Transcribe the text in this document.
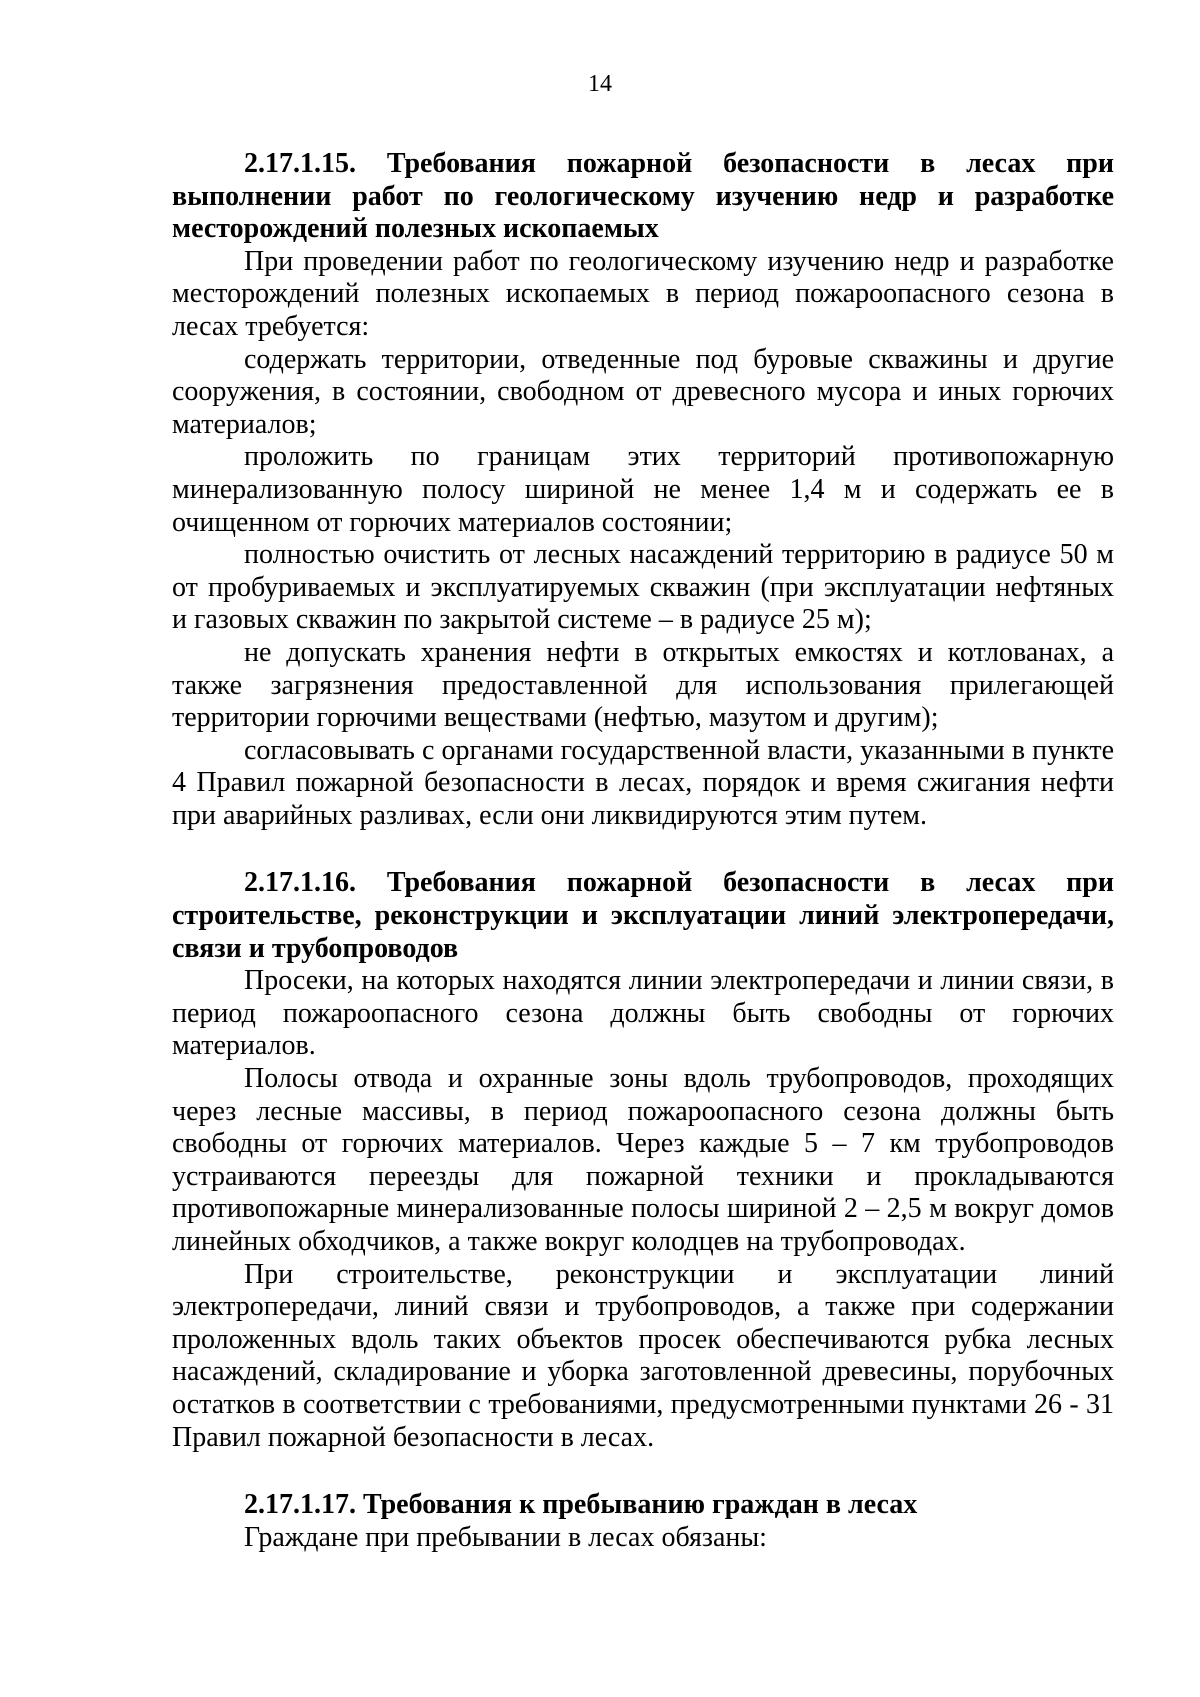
14

2.17.1.15. Требования пожарной безопасности в лесах при выполнении работ по геологическому изучению недр и разработке месторождений полезных ископаемых

При проведении работ по геологическому изучению недр и разработке месторождений полезных ископаемых в период пожароопасного сезона в лесах требуется:

содержать территории, отведенные под буровые скважины и другие сооружения, в состоянии, свободном от древесного мусора и иных горючих материалов;

проложить по границам этих территорий противопожарную минерализованную полосу шириной не менее 1,4 м и содержать ее в очищенном от горючих материалов состоянии;

полностью очистить от лесных насаждений территорию в радиусе 50 м от пробуриваемых и эксплуатируемых скважин (при эксплуатации нефтяных и газовых скважин по закрытой системе – в радиусе 25 м);

не допускать хранения нефти в открытых емкостях и котлованах, а также загрязнения предоставленной для использования прилегающей территории горючими веществами (нефтью, мазутом и другим);

согласовывать с органами государственной власти, указанными в пункте 4 Правил пожарной безопасности в лесах, порядок и время сжигания нефти при аварийных разливах, если они ликвидируются этим путем.

2.17.1.16. Требования пожарной безопасности в лесах при строительстве, реконструкции и эксплуатации линий электропередачи, связи и трубопроводов

Просеки, на которых находятся линии электропередачи и линии связи, в период пожароопасного сезона должны быть свободны от горючих материалов.

Полосы отвода и охранные зоны вдоль трубопроводов, проходящих через лесные массивы, в период пожароопасного сезона должны быть свободны от горючих материалов. Через каждые 5 – 7 км трубопроводов устраиваются переезды для пожарной техники и прокладываются противопожарные минерализованные полосы шириной 2 – 2,5 м вокруг домов линейных обходчиков, а также вокруг колодцев на трубопроводах.

При строительстве, реконструкции и эксплуатации линий электропередачи, линий связи и трубопроводов, а также при содержании проложенных вдоль таких объектов просек обеспечиваются рубка лесных насаждений, складирование и уборка заготовленной древесины, порубочных остатков в соответствии с требованиями, предусмотренными пунктами 26 - 31 Правил пожарной безопасности в лесах.

2.17.1.17. Требования к пребыванию граждан в лесах

Граждане при пребывании в лесах обязаны:
